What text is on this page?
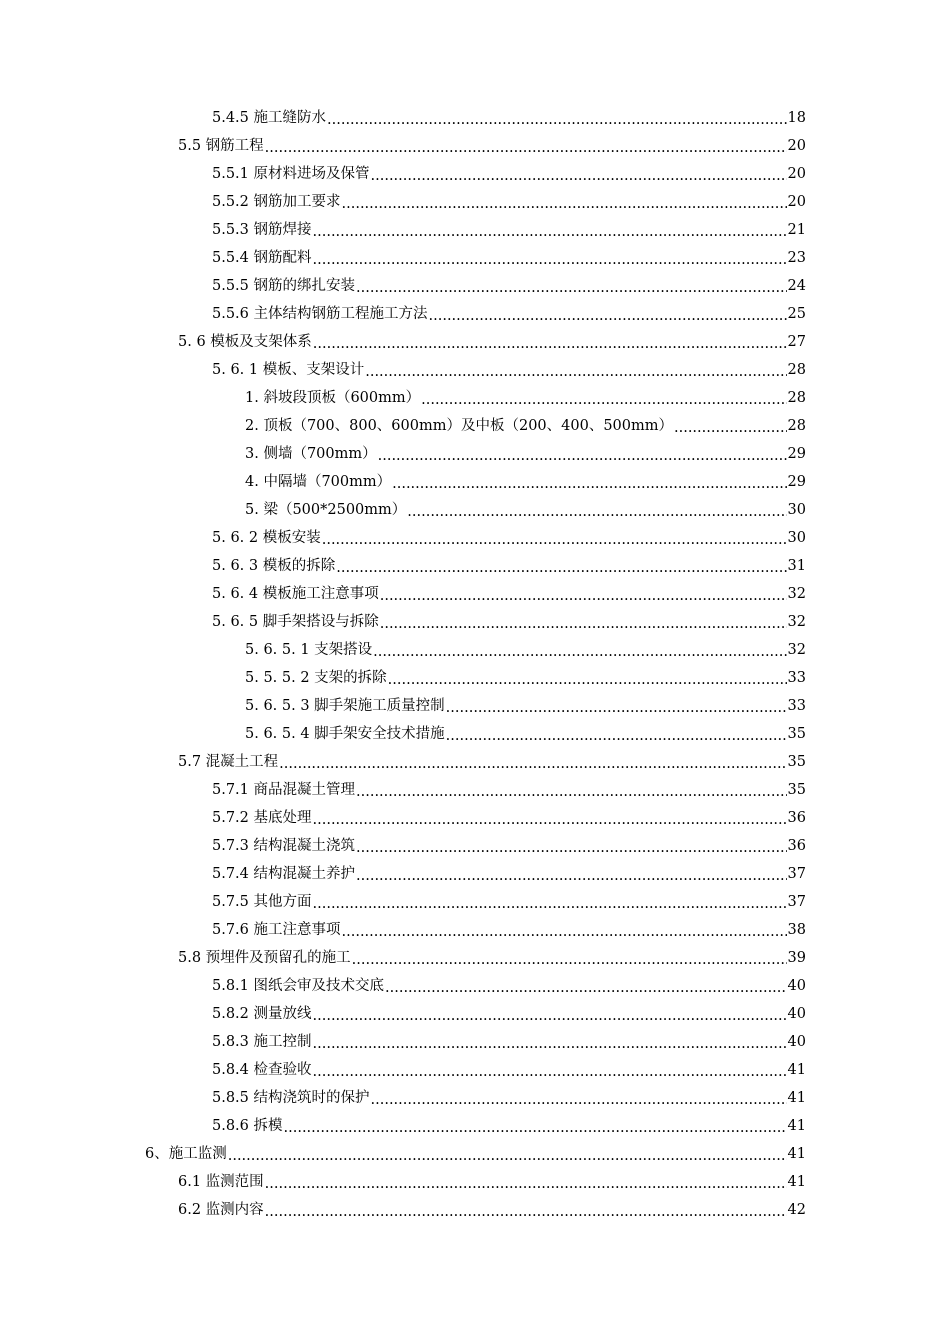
5.4.5 施工缝防水 .....	18
5.5 钢筋工程 .....	20
5.5.1 原材料进场及保管 .....	20
5.5.2 钢筋加工要求 .....	20
5.5.3 钢筋焊接 .....	21
5.5.4 钢筋配料 .....	23
5.5.5 钢筋的绑扎安装 .....	24
5.5.6 主体结构钢筋工程施工方法 .....	25
5. 6 模板及支架体系 .....	27
5. 6. 1 模板、支架设计 .....	28
1. 斜坡段顶板（600mm） .....	28
2. 顶板（700、800、600mm）及中板（200、400、500mm） .....	28
3. 侧墙（700mm） .....	29
4. 中隔墙（700mm） .....	29
5. 梁（500*2500mm） .....	30
5. 6. 2 模板安装 .....	30
5. 6. 3 模板的拆除 .....	31
5. 6. 4 模板施工注意事项 .....	32
5. 6. 5 脚手架搭设与拆除 .....	32
5. 6. 5. 1 支架搭设 .....	32
5. 5. 5. 2 支架的拆除 .....	33
5. 6. 5. 3 脚手架施工质量控制 .....	33
5. 6. 5. 4 脚手架安全技术措施 .....	35
5.7 混凝土工程 .....	35
5.7.1 商品混凝土管理 .....	35
5.7.2 基底处理 .....	36
5.7.3 结构混凝土浇筑 .....	36
5.7.4 结构混凝土养护 .....	37
5.7.5 其他方面 .....	37
5.7.6 施工注意事项 .....	38
5.8 预埋件及预留孔的施工 .....	39
5.8.1 图纸会审及技术交底 .....	40
5.8.2 测量放线 .....	40
5.8.3 施工控制 .....	40
5.8.4 检查验收 .....	41
5.8.5 结构浇筑时的保护 .....	41
5.8.6 拆模 .....	41
6、施工监测 .....	41
6.1 监测范围 .....	41
6.2 监测内容 .....	42
